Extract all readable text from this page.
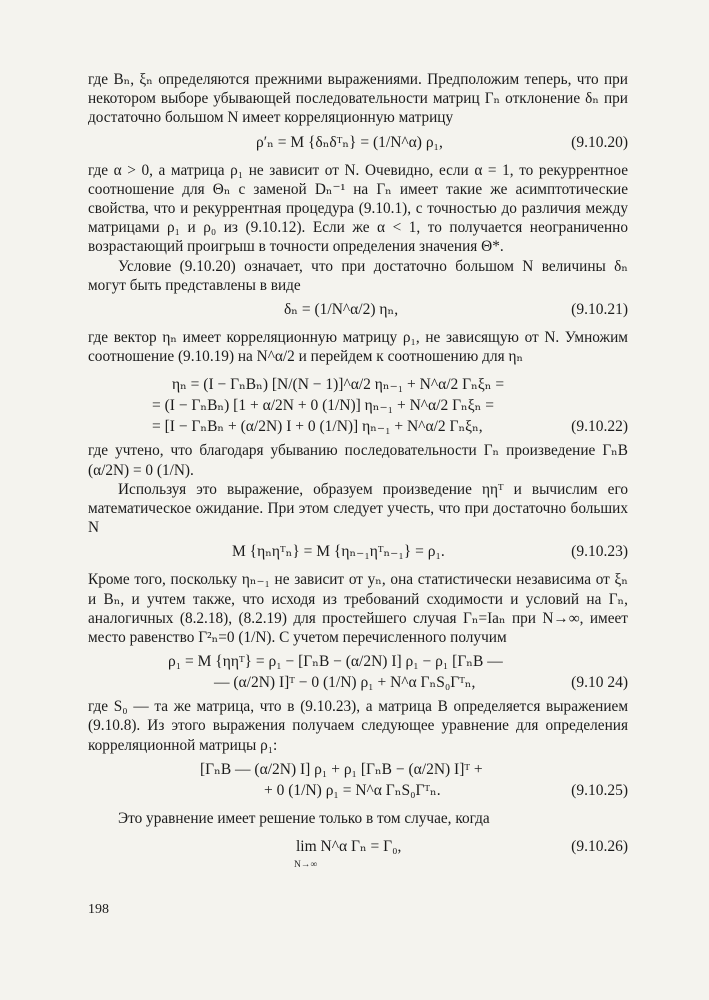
где Bₙ, ξₙ определяются прежними выражениями. Предположим теперь, что при некотором выборе убывающей последовательности матриц Γₙ отклонение δₙ при достаточно большом N имеет корреляционную матрицу

ρ′ₙ = M {δₙδᵀₙ} = (1/N^α) ρ₁,	(9.10.20)

где α > 0, а матрица ρ₁ не зависит от N. Очевидно, если α = 1, то рекуррентное соотношение для Θₙ с заменой Dₙ⁻¹ на Γₙ имеет такие же асимптотические свойства, что и рекуррентная процедура (9.10.1), с точностью до различия между матрицами ρ₁ и ρ₀ из (9.10.12). Если же α < 1, то получается неограниченно возрастающий проигрыш в точности определения значения Θ*.

Условие (9.10.20) означает, что при достаточно большом N величины δₙ могут быть представлены в виде

δₙ = (1/N^α/2) ηₙ,	(9.10.21)

где вектор ηₙ имеет корреляционную матрицу ρ₁, не зависящую от N. Умножим соотношение (9.10.19) на N^α/2 и перейдем к соотношению для ηₙ

ηₙ = (I − ΓₙBₙ) [N/(N − 1)]^α/2 ηₙ₋₁ + N^α/2 Γₙξₙ =
= (I − ΓₙBₙ) [1 + α/2N + 0 (1/N)] ηₙ₋₁ + N^α/2 Γₙξₙ =
= [I − ΓₙBₙ + (α/2N) I + 0 (1/N)] ηₙ₋₁ + N^α/2 Γₙξₙ,	(9.10.22)

где учтено, что благодаря убыванию последовательности Γₙ произведение ΓₙB (α/2N) = 0 (1/N).

Используя это выражение, образуем произведение ηηᵀ и вычислим его математическое ожидание. При этом следует учесть, что при достаточно больших N

M {ηₙηᵀₙ} = M {ηₙ₋₁ηᵀₙ₋₁} = ρ₁.	(9.10.23)

Кроме того, поскольку ηₙ₋₁ не зависит от yₙ, она статистически независима от ξₙ и Bₙ, и учтем также, что исходя из требований сходимости и условий на Γₙ, аналогичных (8.2.18), (8.2.19) для простейшего случая Γₙ=Iaₙ при N→∞, имеет место равенство Γ²ₙ=0 (1/N). С учетом перечисленного получим

ρ₁ = M {ηηᵀ} = ρ₁ − [ΓₙB − (α/2N) I] ρ₁ − ρ₁ [ΓₙB —
— (α/2N) I]ᵀ − 0 (1/N) ρ₁ + N^α ΓₙS₀Γᵀₙ,	(9.10 24)

где S₀ — та же матрица, что в (9.10.23), а матрица B определяется выражением (9.10.8). Из этого выражения получаем следующее уравнение для определения корреляционной матрицы ρ₁:

[ΓₙB — (α/2N) I] ρ₁ + ρ₁ [ΓₙB − (α/2N) I]ᵀ +
+ 0 (1/N) ρ₁ = N^α ΓₙS₀Γᵀₙ.	(9.10.25)

Это уравнение имеет решение только в том случае, когда

lim N^α Γₙ = Γ₀,
N→∞
(9.10.26)
198
